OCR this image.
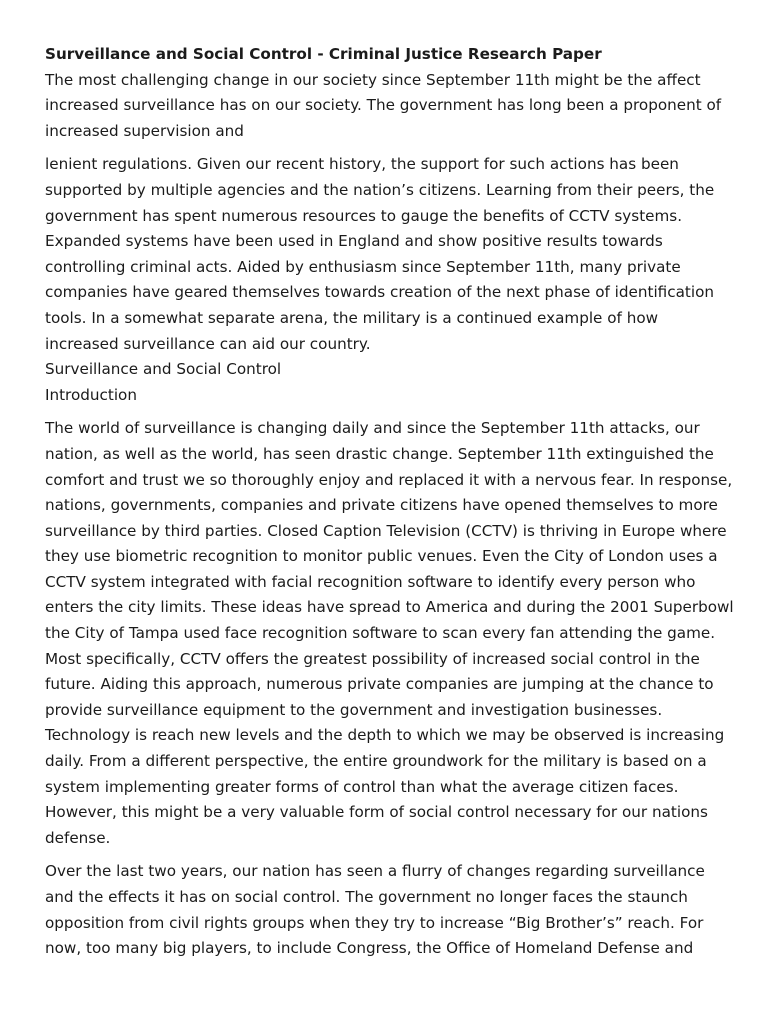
Surveillance and Social Control - Criminal Justice Research Paper

The most challenging change in our society since September 11th might be the affect increased surveillance has on our society. The government has long been a proponent of increased supervision and

lenient regulations. Given our recent history, the support for such actions has been supported by multiple agencies and the nation’s citizens. Learning from their peers, the government has spent numerous resources to gauge the benefits of CCTV systems. Expanded systems have been used in England and show positive results towards controlling criminal acts. Aided by enthusiasm since September 11th, many private companies have geared themselves towards creation of the next phase of identification tools. In a somewhat separate arena, the military is a continued example of how increased surveillance can aid our country.

Surveillance and Social Control

Introduction

The world of surveillance is changing daily and since the September 11th attacks, our nation, as well as the world, has seen drastic change. September 11th extinguished the comfort and trust we so thoroughly enjoy and replaced it with a nervous fear. In response, nations, governments, companies and private citizens have opened themselves to more surveillance by third parties. Closed Caption Television (CCTV) is thriving in Europe where they use biometric recognition to monitor public venues. Even the City of London uses a CCTV system integrated with facial recognition software to identify every person who enters the city limits. These ideas have spread to America and during the 2001 Superbowl the City of Tampa used face recognition software to scan every fan attending the game. Most specifically, CCTV offers the greatest possibility of increased social control in the future. Aiding this approach, numerous private companies are jumping at the chance to provide surveillance equipment to the government and investigation businesses. Technology is reach new levels and the depth to which we may be observed is increasing daily. From a different perspective, the entire groundwork for the military is based on a system implementing greater forms of control than what the average citizen faces. However, this might be a very valuable form of social control necessary for our nations defense.

Over the last two years, our nation has seen a flurry of changes regarding surveillance and the effects it has on social control. The government no longer faces the staunch opposition from civil rights groups when they try to increase “Big Brother’s” reach. For now, too many big players, to include Congress, the Office of Homeland Defense and
